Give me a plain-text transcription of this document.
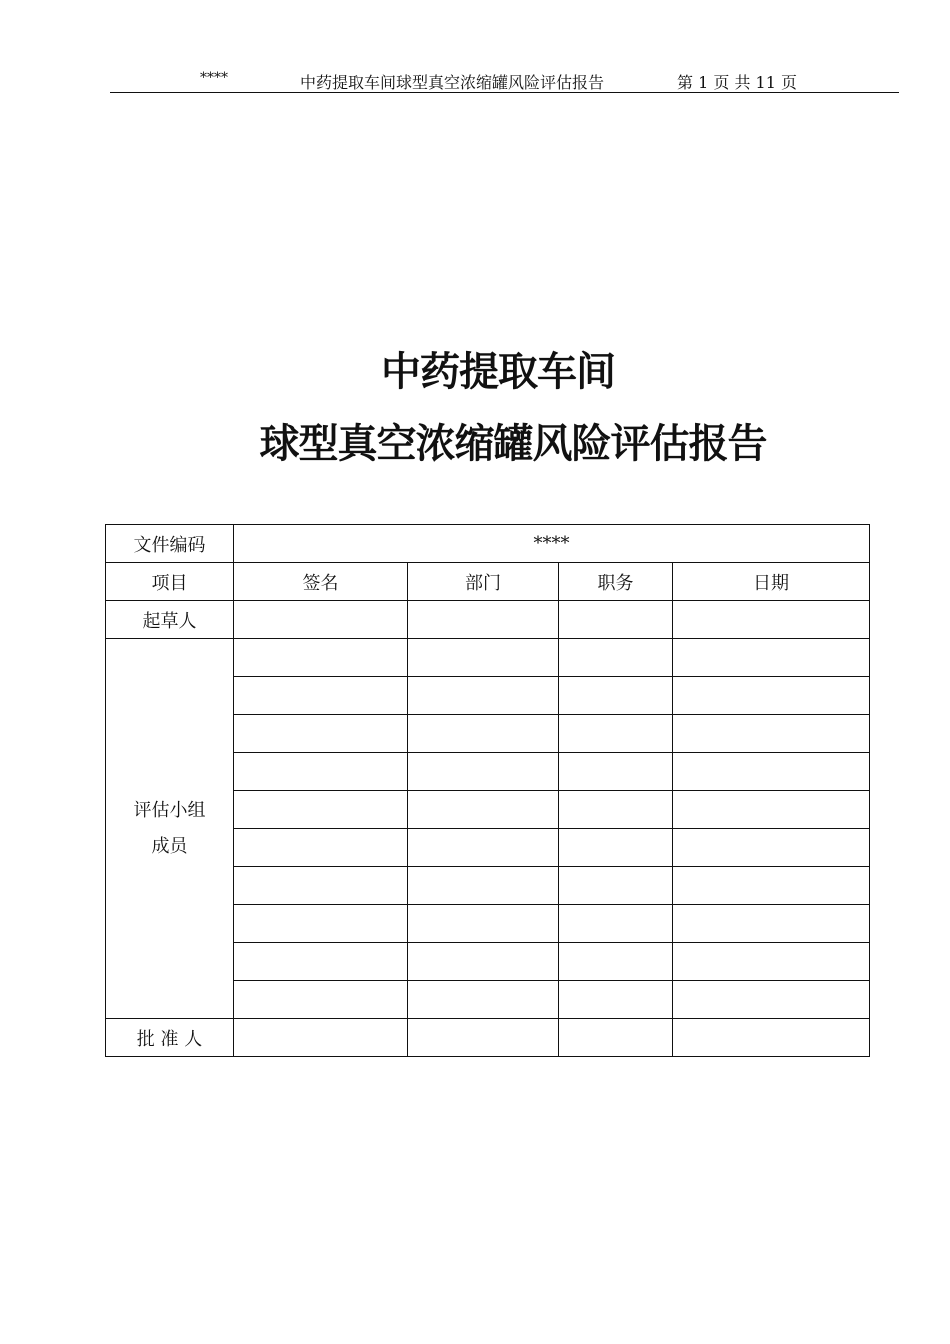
****	中药提取车间球型真空浓缩罐风险评估报告	第 1 页 共 11 页
中药提取车间
球型真空浓缩罐风险评估报告
文件编码	****			
项目	签名	部门	职务	日期
起草人				

评估小组
成员				

批 准 人				
